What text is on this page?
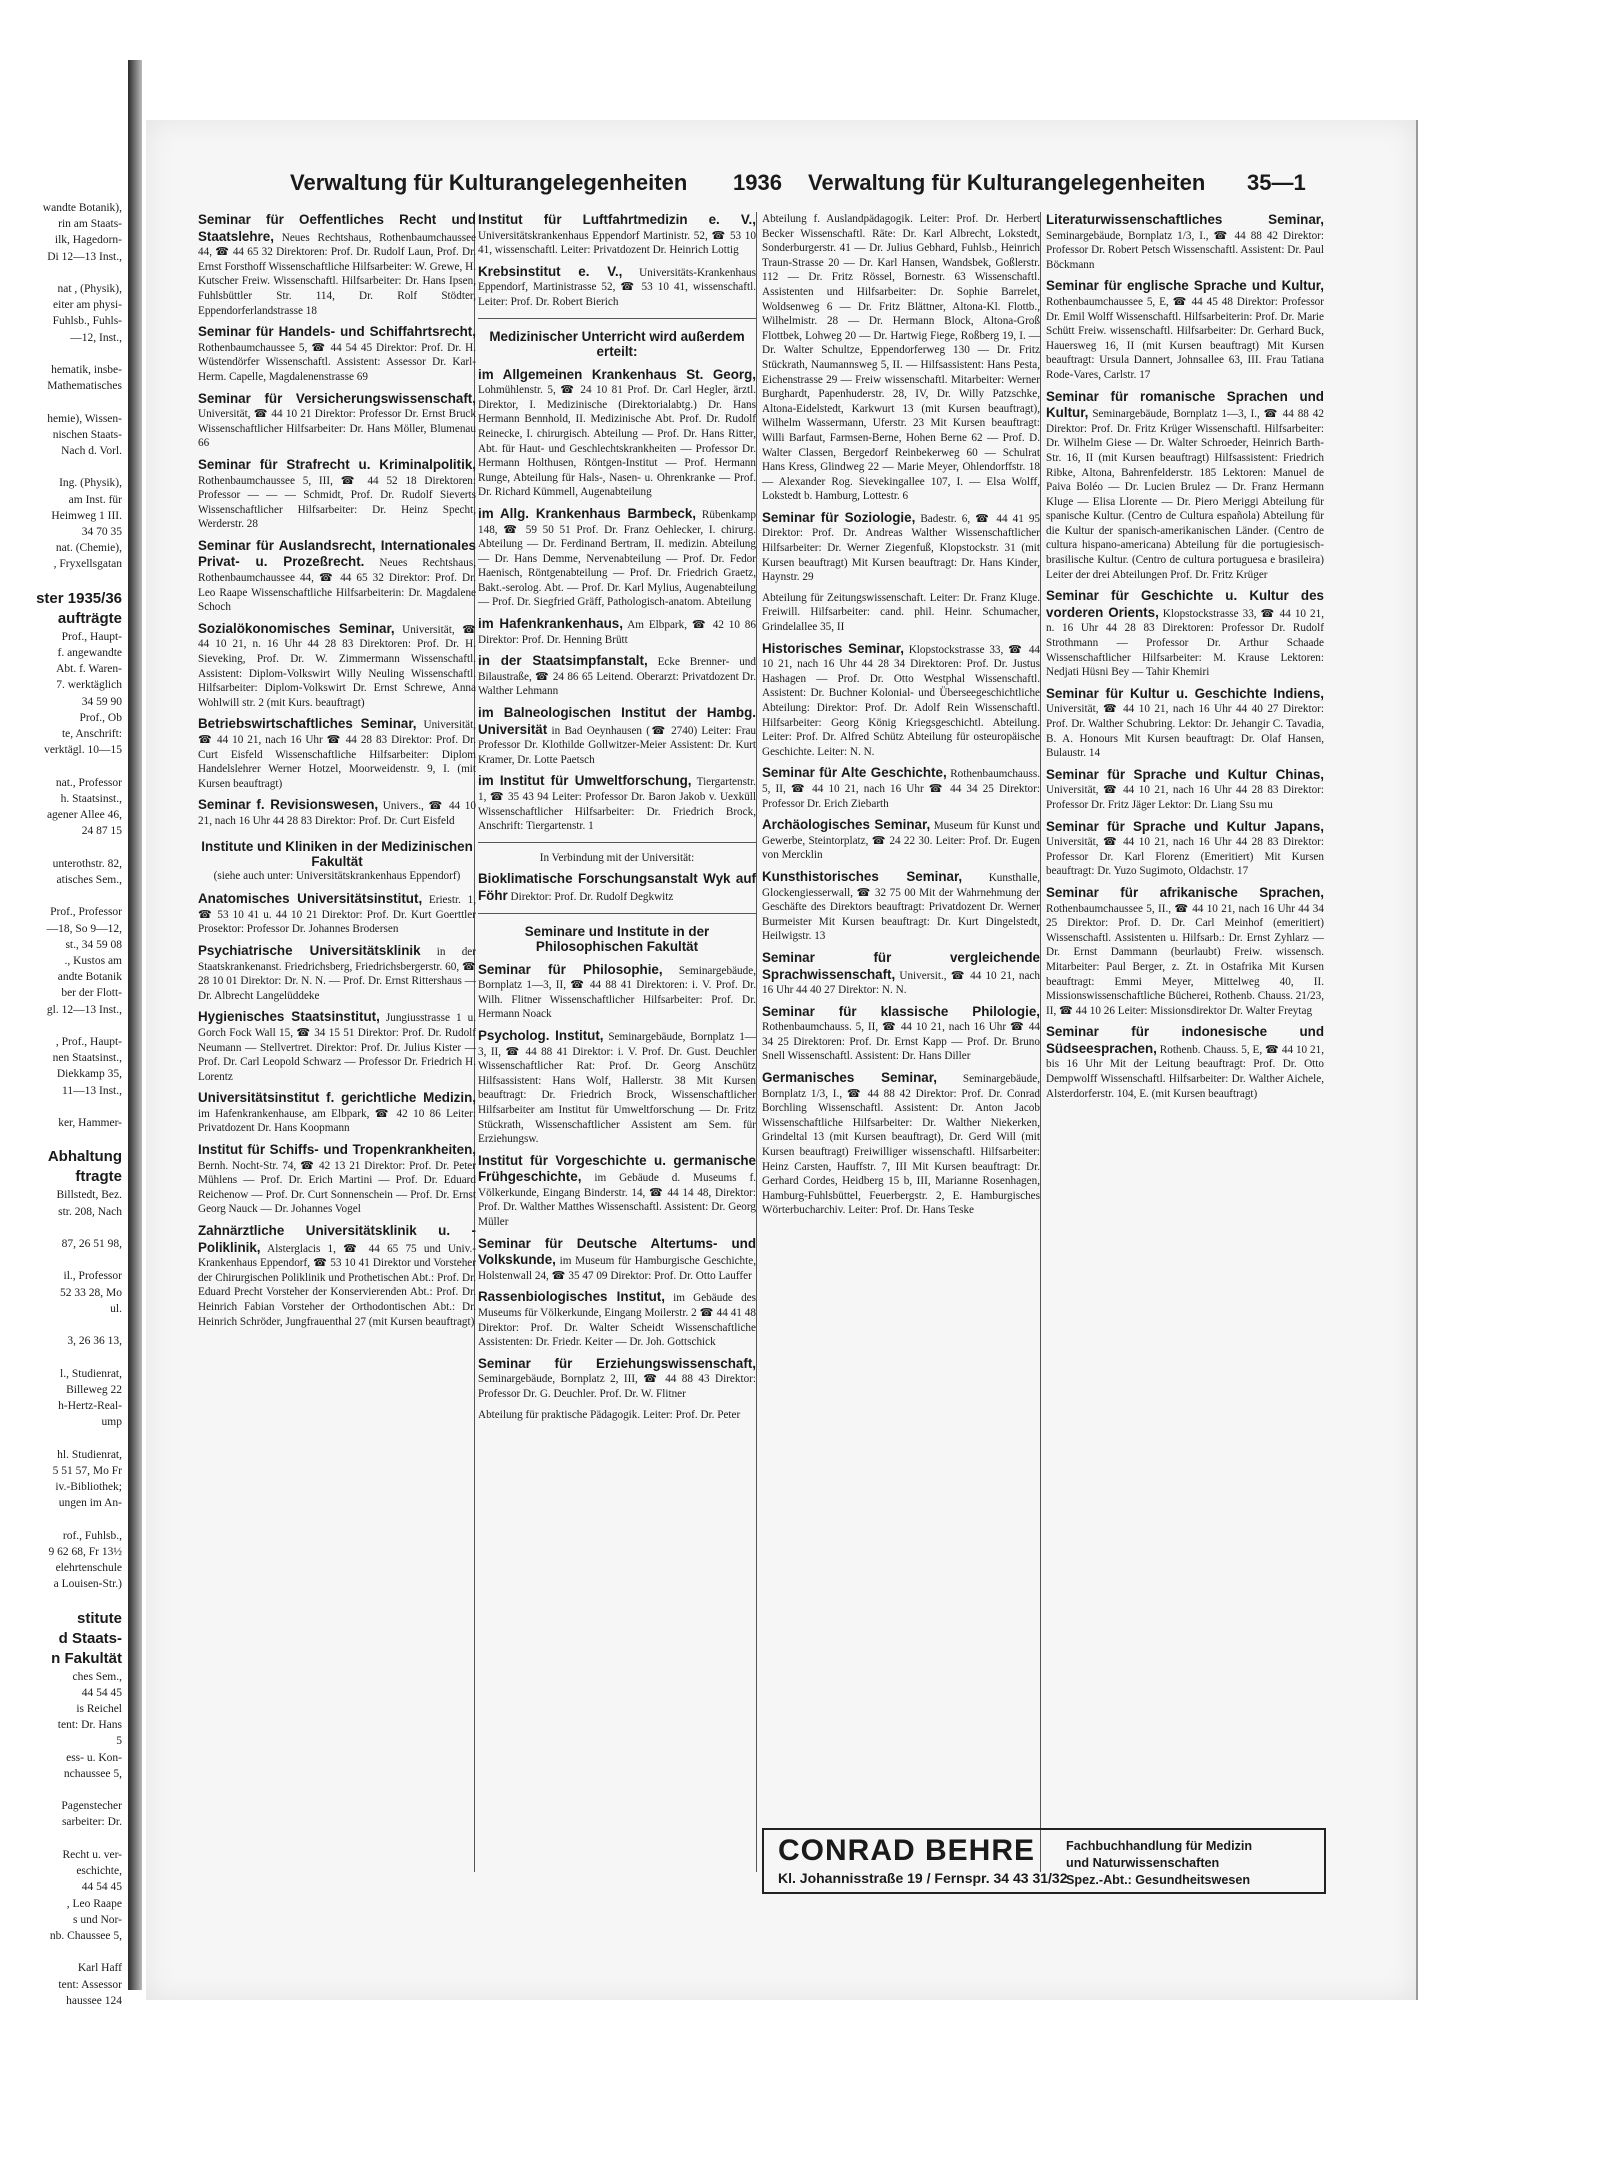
wandte Botanik),
rin am Staats-
ilk, Hagedorn-
Di 12—13 Inst.,

nat , (Physik),
eiter am physi-
Fuhlsb., Fuhls-
—12, Inst.,

hematik, insbe-
Mathematisches

hemie), Wissen-
nischen Staats-
Nach d. Vorl.

Ing. (Physik),
am Inst. für
Heimweg 1 III.
34 70 35
nat. (Chemie),
, Fryxellsgatan

ster 1935/36
aufträgte
Prof., Haupt-
f. angewandte
Abt. f. Waren-
7. werktäglich
34 59 90
Prof., Ob
te, Anschrift:
verktägl. 10—15

nat., Professor
h. Staatsinst.,
agener Allee 46,
24 87 15

unterothstr. 82,
atisches Sem.,

Prof., Professor
—18, So 9—12,
st., 34 59 08
., Kustos am
andte Botanik
ber der Flott-
gl. 12—13 Inst.,

, Prof., Haupt-
nen Staatsinst.,
Diekkamp 35,
11—13 Inst.,

ker, Hammer-

Abhaltung
ftragte
Billstedt, Bez.
str. 208, Nach

87, 26 51 98,

il., Professor
52 33 28, Mo
ul.

3, 26 36 13,

l., Studienrat,
Billeweg 22
h-Hertz-Real-
ump

hl. Studienrat,
5 51 57, Mo Fr
iv.-Bibliothek;
ungen im An-

rof., Fuhlsb.,
9 62 68, Fr 13½
elehrtenschule
a Louisen-Str.)

stitute
d Staats-
n Fakultät
ches Sem.,
44 54 45
is Reichel
tent: Dr. Hans
5
ess- u. Kon-
nchaussee 5,

Pagenstecher
sarbeiter: Dr.

Recht u. ver-
eschichte,
44 54 45
, Leo Raape
s und Nor-
nb. Chaussee 5,

Karl Haff
tent: Assessor
haussee 124
Verwaltung für Kulturangelegenheiten 1936 Verwaltung für Kulturangelegenheiten 35—1

Seminar für Oeffentliches Recht und Staatslehre, Neues Rechtshaus, Rothenbaumchaussee 44, ☎ 44 65 32 Direktoren: Prof. Dr. Rudolf Laun, Prof. Dr. Ernst Forsthoff Wissenschaftliche Hilfsarbeiter: W. Grewe, H. Kutscher Freiw. Wissenschaftl. Hilfsarbeiter: Dr. Hans Ipsen, Fuhlsbüttler Str. 114, Dr. Rolf Stödter, Eppendorferlandstrasse 18

Seminar für Handels- und Schiffahrtsrecht, Rothenbaumchaussee 5, ☎ 44 54 45 Direktor: Prof. Dr. H. Wüstendörfer Wissenschaftl. Assistent: Assessor Dr. Karl-Herm. Capelle, Magdalenenstrasse 69

Seminar für Versicherungswissenschaft, Universität, ☎ 44 10 21 Direktor: Professor Dr. Ernst Bruck Wissenschaftlicher Hilfsarbeiter: Dr. Hans Möller, Blumenau 66

Seminar für Strafrecht u. Kriminalpolitik, Rothenbaumchaussee 5, III, ☎ 44 52 18 Direktoren: Professor — — — Schmidt, Prof. Dr. Rudolf Sieverts Wissenschaftlicher Hilfsarbeiter: Dr. Heinz Specht, Werderstr. 28

Seminar für Auslandsrecht, Internationales Privat- u. Prozeßrecht. Neues Rechtshaus, Rothenbaumchaussee 44, ☎ 44 65 32 Direktor: Prof. Dr. Leo Raape Wissenschaftliche Hilfsarbeiterin: Dr. Magdalene Schoch

Sozialökonomisches Seminar, Universität, ☎ 44 10 21, n. 16 Uhr 44 28 83 Direktoren: Prof. Dr. H. Sieveking, Prof. Dr. W. Zimmermann Wissenschaftl. Assistent: Diplom-Volkswirt Willy Neuling Wissenschaftl. Hilfsarbeiter: Diplom-Volkswirt Dr. Ernst Schrewe, Anna Wohlwill str. 2 (mit Kurs. beauftragt)

Betriebswirtschaftliches Seminar, Universität, ☎ 44 10 21, nach 16 Uhr ☎ 44 28 83 Direktor: Prof. Dr. Curt Eisfeld Wissenschaftliche Hilfsarbeiter: Diplom Handelslehrer Werner Hotzel, Moorweidenstr. 9, I. (mit Kursen beauftragt)

Seminar f. Revisionswesen, Univers., ☎ 44 10 21, nach 16 Uhr 44 28 83 Direktor: Prof. Dr. Curt Eisfeld

Institute und Kliniken in der Medizinischen Fakultät
(siehe auch unter: Universitätskrankenhaus Eppendorf)

Anatomisches Universitätsinstitut, Eriestr. 1, ☎ 53 10 41 u. 44 10 21 Direktor: Prof. Dr. Kurt Goerttler Prosektor: Professor Dr. Johannes Brodersen

Psychiatrische Universitätsklinik in der Staatskrankenanst. Friedrichsberg, Friedrichsbergerstr. 60, ☎ 28 10 01 Direktor: Dr. N. N. — Prof. Dr. Ernst Rittershaus — Dr. Albrecht Langelüddeke

Hygienisches Staatsinstitut, Jungiusstrasse 1 u. Gorch Fock Wall 15, ☎ 34 15 51 Direktor: Prof. Dr. Rudolf Neumann — Stellvertret. Direktor: Prof. Dr. Julius Kister — Prof. Dr. Carl Leopold Schwarz — Professor Dr. Friedrich H. Lorentz

Universitätsinstitut f. gerichtliche Medizin, im Hafenkrankenhause, am Elbpark, ☎ 42 10 86 Leiter: Privatdozent Dr. Hans Koopmann

Institut für Schiffs- und Tropenkrankheiten, Bernh. Nocht-Str. 74, ☎ 42 13 21 Direktor: Prof. Dr. Peter Mühlens — Prof. Dr. Erich Martini — Prof. Dr. Eduard Reichenow — Prof. Dr. Curt Sonnenschein — Prof. Dr. Ernst Georg Nauck — Dr. Johannes Vogel

Zahnärztliche Universitätsklinik u. -Poliklinik, Alsterglacis 1, ☎ 44 65 75 und Univ.-Krankenhaus Eppendorf, ☎ 53 10 41 Direktor und Vorsteher der Chirurgischen Poliklinik und Prothetischen Abt.: Prof. Dr. Eduard Precht Vorsteher der Konservierenden Abt.: Prof. Dr. Heinrich Fabian Vorsteher der Orthodontischen Abt.: Dr. Heinrich Schröder, Jungfrauenthal 27 (mit Kursen beauftragt)

Institut für Luftfahrtmedizin e. V., Universitätskrankenhaus Eppendorf Martinistr. 52, ☎ 53 10 41, wissenschaftl. Leiter: Privatdozent Dr. Heinrich Lottig

Krebsinstitut e. V., Universitäts-Krankenhaus Eppendorf, Martinistrasse 52, ☎ 53 10 41, wissenschaftl. Leiter: Prof. Dr. Robert Bierich

Medizinischer Unterricht wird außerdem erteilt:

im Allgemeinen Krankenhaus St. Georg, Lohmühlenstr. 5, ☎ 24 10 81 Prof. Dr. Carl Hegler, ärztl. Direktor, I. Medizinische (Direktorialabtg.) Dr. Hans Hermann Bennhold, II. Medizinische Abt. Prof. Dr. Rudolf Reinecke, I. chirurgisch. Abteilung — Prof. Dr. Hans Ritter, Abt. für Haut- und Geschlechtskrankheiten — Professor Dr. Hermann Holthusen, Röntgen-Institut — Prof. Hermann Runge, Abteilung für Hals-, Nasen- u. Ohrenkranke — Prof. Dr. Richard Kümmell, Augenabteilung

im Allg. Krankenhaus Barmbeck, Rübenkamp 148, ☎ 59 50 51 Prof. Dr. Franz Oehlecker, I. chirurg. Abteilung — Dr. Ferdinand Bertram, II. medizin. Abteilung — Dr. Hans Demme, Nervenabteilung — Prof. Dr. Fedor Haenisch, Röntgenabteilung — Prof. Dr. Friedrich Graetz, Bakt.-serolog. Abt. — Prof. Dr. Karl Mylius, Augenabteilung — Prof. Dr. Siegfried Gräff, Pathologisch-anatom. Abteilung

im Hafenkrankenhaus, Am Elbpark, ☎ 42 10 86 Direktor: Prof. Dr. Henning Brütt

in der Staatsimpfanstalt, Ecke Brenner- und Bilaustraße, ☎ 24 86 65 Leitend. Oberarzt: Privatdozent Dr. Walther Lehmann

im Balneologischen Institut der Hambg. Universität in Bad Oeynhausen (☎ 2740) Leiter: Frau Professor Dr. Klothilde Gollwitzer-Meier Assistent: Dr. Kurt Kramer, Dr. Lotte Paetsch

im Institut für Umweltforschung, Tiergartenstr. 1, ☎ 35 43 94 Leiter: Professor Dr. Baron Jakob v. Uexküll Wissenschaftlicher Hilfsarbeiter: Dr. Friedrich Brock, Anschrift: Tiergartenstr. 1

In Verbindung mit der Universität:

Bioklimatische Forschungsanstalt Wyk auf Föhr Direktor: Prof. Dr. Rudolf Degkwitz

Seminare und Institute in der Philosophischen Fakultät

Seminar für Philosophie, Seminargebäude, Bornplatz 1—3, II, ☎ 44 88 41 Direktoren: i. V. Prof. Dr. Wilh. Flitner Wissenschaftlicher Hilfsarbeiter: Prof. Dr. Hermann Noack

Psycholog. Institut, Seminargebäude, Bornplatz 1—3, II, ☎ 44 88 41 Direktor: i. V. Prof. Dr. Gust. Deuchler Wissenschaftlicher Rat: Prof. Dr. Georg Anschütz Hilfsassistent: Hans Wolf, Hallerstr. 38 Mit Kursen beauftragt: Dr. Friedrich Brock, Wissenschaftlicher Hilfsarbeiter am Institut für Umweltforschung — Dr. Fritz Stückrath, Wissenschaftlicher Assistent am Sem. für Erziehungsw.

Institut für Vorgeschichte u. germanische Frühgeschichte, im Gebäude d. Museums f. Völkerkunde, Eingang Binderstr. 14, ☎ 44 14 48, Direktor: Prof. Dr. Walther Matthes Wissenschaftl. Assistent: Dr. Georg Müller

Seminar für Deutsche Altertums- und Volkskunde, im Museum für Hamburgische Geschichte, Holstenwall 24, ☎ 35 47 09 Direktor: Prof. Dr. Otto Lauffer

Rassenbiologisches Institut, im Gebäude des Museums für Völkerkunde, Eingang Moilerstr. 2 ☎ 44 41 48 Direktor: Prof. Dr. Walter Scheidt Wissenschaftliche Assistenten: Dr. Friedr. Keiter — Dr. Joh. Gottschick

Seminar für Erziehungswissenschaft, Seminargebäude, Bornplatz 2, III, ☎ 44 88 43 Direktor: Professor Dr. G. Deuchler. Prof. Dr. W. Flitner

Abteilung für praktische Pädagogik. Leiter: Prof. Dr. Peter

Abteilung f. Auslandpädagogik. Leiter: Prof. Dr. Herbert Becker Wissenschaftl. Räte: Dr. Karl Albrecht, Lokstedt, Sonderburgerstr. 41 — Dr. Julius Gebhard, Fuhlsb., Heinrich Traun-Strasse 20 — Dr. Karl Hansen, Wandsbek, Goßlerstr. 112 — Dr. Fritz Rössel, Bornestr. 63 Wissenschaftl. Assistenten und Hilfsarbeiter: Dr. Sophie Barrelet, Woldsenweg 6 — Dr. Fritz Blättner, Altona-Kl. Flottb., Wilhelmistr. 28 — Dr. Hermann Block, Altona-Groß Flottbek, Lohweg 20 — Dr. Hartwig Fiege, Roßberg 19, I. — Dr. Walter Schultze, Eppendorferweg 130 — Dr. Fritz Stückrath, Naumannsweg 5, II. — Hilfsassistent: Hans Pesta, Eichenstrasse 29 — Freiw wissenschaftl. Mitarbeiter: Werner Burghardt, Papenhuderstr. 28, IV, Dr. Willy Patzschke, Altona-Eidelstedt, Karkwurt 13 (mit Kursen beauftragt), Wilhelm Wassermann, Uferstr. 23 Mit Kursen beauftragt: Willi Barfaut, Farmsen-Berne, Hohen Berne 62 — Prof. D. Walter Classen, Bergedorf Reinbekerweg 60 — Schulrat Hans Kress, Glindweg 22 — Marie Meyer, Ohlendorffstr. 18 — Alexander Rog. Sievekingallee 107, I. — Elsa Wolff, Lokstedt b. Hamburg, Lottestr. 6

Seminar für Soziologie, Badestr. 6, ☎ 44 41 95 Direktor: Prof. Dr. Andreas Walther Wissenschaftlicher Hilfsarbeiter: Dr. Werner Ziegenfuß, Klopstockstr. 31 (mit Kursen beauftragt) Mit Kursen beauftragt: Dr. Hans Kinder, Haynstr. 29

Abteilung für Zeitungswissenschaft. Leiter: Dr. Franz Kluge. Freiwill. Hilfsarbeiter: cand. phil. Heinr. Schumacher, Grindelallee 35, II

Historisches Seminar, Klopstockstrasse 33, ☎ 44 10 21, nach 16 Uhr 44 28 34 Direktoren: Prof. Dr. Justus Hashagen — Prof. Dr. Otto Westphal Wissenschaftl. Assistent: Dr. Buchner Kolonial- und Überseegeschichtliche Abteilung: Direktor: Prof. Dr. Adolf Rein Wissenschaftl. Hilfsarbeiter: Georg König Kriegsgeschichtl. Abteilung. Leiter: Prof. Dr. Alfred Schütz Abteilung für osteuropäische Geschichte. Leiter: N. N.

Seminar für Alte Geschichte, Rothenbaumchauss. 5, II, ☎ 44 10 21, nach 16 Uhr ☎ 44 34 25 Direktor: Professor Dr. Erich Ziebarth

Archäologisches Seminar, Museum für Kunst und Gewerbe, Steintorplatz, ☎ 24 22 30. Leiter: Prof. Dr. Eugen von Mercklin

Kunsthistorisches Seminar, Kunsthalle, Glockengiesserwall, ☎ 32 75 00 Mit der Wahrnehmung der Geschäfte des Direktors beauftragt: Privatdozent Dr. Werner Burmeister Mit Kursen beauftragt: Dr. Kurt Dingelstedt, Heilwigstr. 13

Seminar für vergleichende Sprachwissenschaft, Universit., ☎ 44 10 21, nach 16 Uhr 44 40 27 Direktor: N. N.

Seminar für klassische Philologie, Rothenbaumchauss. 5, II, ☎ 44 10 21, nach 16 Uhr ☎ 44 34 25 Direktoren: Prof. Dr. Ernst Kapp — Prof. Dr. Bruno Snell Wissenschaftl. Assistent: Dr. Hans Diller

Germanisches Seminar, Seminargebäude, Bornplatz 1/3, I., ☎ 44 88 42 Direktor: Prof. Dr. Conrad Borchling Wissenschaftl. Assistent: Dr. Anton Jacob Wissenschaftliche Hilfsarbeiter: Dr. Walther Niekerken, Grindeltal 13 (mit Kursen beauftragt), Dr. Gerd Will (mit Kursen beauftragt) Freiwilliger wissenschaftl. Hilfsarbeiter: Heinz Carsten, Hauffstr. 7, III Mit Kursen beauftragt: Dr. Gerhard Cordes, Heidberg 15 b, III, Marianne Rosenhagen, Hamburg-Fuhlsbüttel, Feuerbergstr. 2, E. Hamburgisches Wörterbucharchiv. Leiter: Prof. Dr. Hans Teske

Literaturwissenschaftliches Seminar, Seminargebäude, Bornplatz 1/3, I., ☎ 44 88 42 Direktor: Professor Dr. Robert Petsch Wissenschaftl. Assistent: Dr. Paul Böckmann

Seminar für englische Sprache und Kultur, Rothenbaumchaussee 5, E, ☎ 44 45 48 Direktor: Professor Dr. Emil Wolff Wissenschaftl. Hilfsarbeiterin: Prof. Dr. Marie Schütt Freiw. wissenschaftl. Hilfsarbeiter: Dr. Gerhard Buck, Hauersweg 16, II (mit Kursen beauftragt) Mit Kursen beauftragt: Ursula Dannert, Johnsallee 63, III. Frau Tatiana Rode-Vares, Carlstr. 17

Seminar für romanische Sprachen und Kultur, Seminargebäude, Bornplatz 1—3, I., ☎ 44 88 42 Direktor: Prof. Dr. Fritz Krüger Wissenschaftl. Hilfsarbeiter: Dr. Wilhelm Giese — Dr. Walter Schroeder, Heinrich Barth-Str. 16, II (mit Kursen beauftragt) Hilfsassistent: Friedrich Ribke, Altona, Bahrenfelderstr. 185 Lektoren: Manuel de Paiva Boléo — Dr. Lucien Brulez — Dr. Franz Hermann Kluge — Elisa Llorente — Dr. Piero Meriggi Abteilung für spanische Kultur. (Centro de Cultura española) Abteilung für die Kultur der spanisch-amerikanischen Länder. (Centro de cultura hispano-americana) Abteilung für die portugiesisch-brasilische Kultur. (Centro de cultura portuguesa e brasileira) Leiter der drei Abteilungen Prof. Dr. Fritz Krüger

Seminar für Geschichte u. Kultur des vorderen Orients, Klopstockstrasse 33, ☎ 44 10 21, n. 16 Uhr 44 28 83 Direktoren: Professor Dr. Rudolf Strothmann — Professor Dr. Arthur Schaade Wissenschaftlicher Hilfsarbeiter: M. Krause Lektoren: Nedjati Hüsni Bey — Tahir Khemiri

Seminar für Kultur u. Geschichte Indiens, Universität, ☎ 44 10 21, nach 16 Uhr 44 40 27 Direktor: Prof. Dr. Walther Schubring. Lektor: Dr. Jehangir C. Tavadia, B. A. Honours Mit Kursen beauftragt: Dr. Olaf Hansen, Bulaustr. 14

Seminar für Sprache und Kultur Chinas, Universität, ☎ 44 10 21, nach 16 Uhr 44 28 83 Direktor: Professor Dr. Fritz Jäger Lektor: Dr. Liang Ssu mu

Seminar für Sprache und Kultur Japans, Universität, ☎ 44 10 21, nach 16 Uhr 44 28 83 Direktor: Professor Dr. Karl Florenz (Emeritiert) Mit Kursen beauftragt: Dr. Yuzo Sugimoto, Oldachstr. 17

Seminar für afrikanische Sprachen, Rothenbaumchaussee 5, II., ☎ 44 10 21, nach 16 Uhr 44 34 25 Direktor: Prof. D. Dr. Carl Meinhof (emeritiert) Wissenschaftl. Assistenten u. Hilfsarb.: Dr. Ernst Zyhlarz — Dr. Ernst Dammann (beurlaubt) Freiw. wissensch. Mitarbeiter: Paul Berger, z. Zt. in Ostafrika Mit Kursen beauftragt: Emmi Meyer, Mittelweg 40, II. Missionswissenschaftliche Bücherei, Rothenb. Chauss. 21/23, II, ☎ 44 10 26 Leiter: Missionsdirektor Dr. Walter Freytag

Seminar für indonesische und Südseesprachen, Rothenb. Chauss. 5, E, ☎ 44 10 21, bis 16 Uhr Mit der Leitung beauftragt: Prof. Dr. Otto Dempwolff Wissenschaftl. Hilfsarbeiter: Dr. Walther Aichele, Alsterdorferstr. 104, E. (mit Kursen beauftragt)

CONRAD BEHRE
Kl. Johannisstraße 19 / Fernspr. 34 43 31/32
Fachbuchhandlung für Medizin
und Naturwissenschaften
Spez.-Abt.: Gesundheitswesen
